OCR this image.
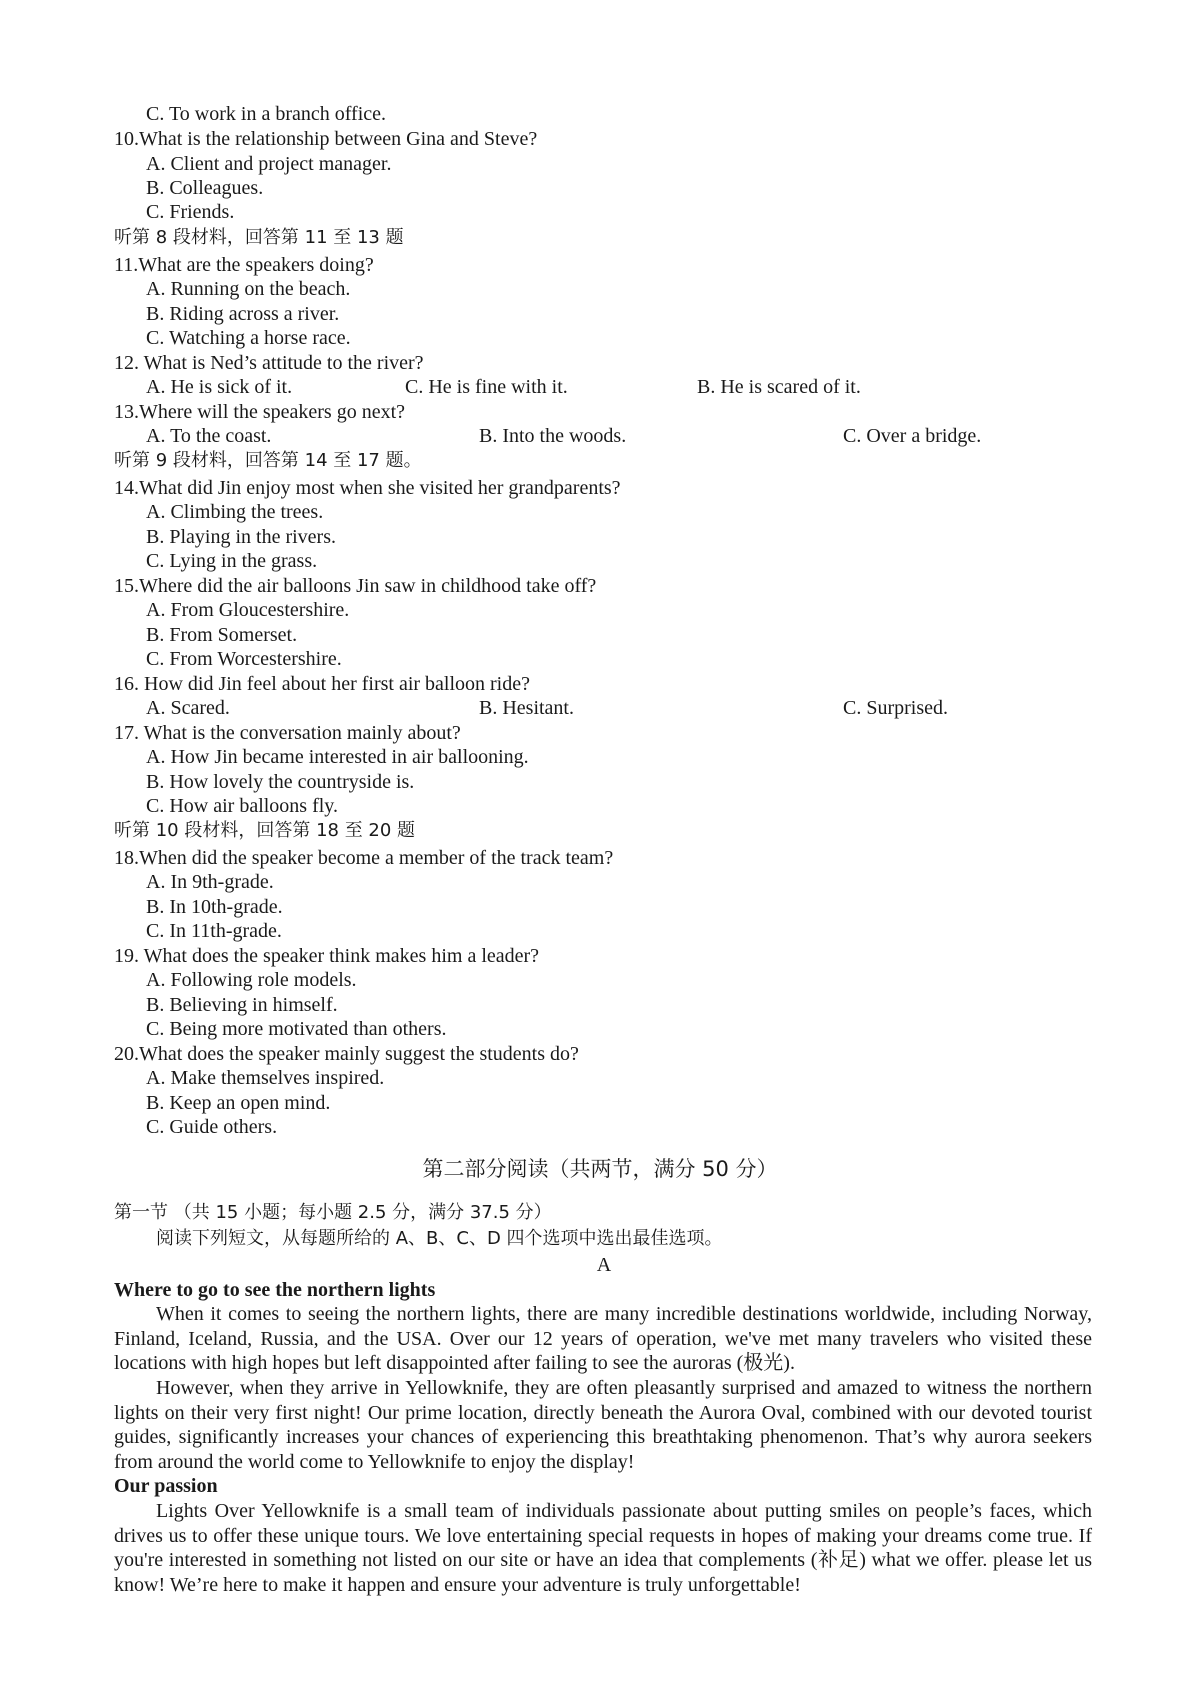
C. To work in a branch office.
10.What is the relationship between Gina and Steve?
A. Client and project manager.
B. Colleagues.
C. Friends.
听第 8 段材料，回答第 11 至 13 题
11.What are the speakers doing?
A. Running on the beach.
B. Riding across a river.
C. Watching a horse race.
12. What is Ned’s attitude to the river?
A. He is sick of it.	C. He is fine with it.	B. He is scared of it.
13.Where will the speakers go next?
A. To the coast.	B. Into the woods.	C. Over a bridge.
听第 9 段材料，回答第 14 至 17 题。
14.What did Jin enjoy most when she visited her grandparents?
A. Climbing the trees.
B. Playing in the rivers.
C. Lying in the grass.
15.Where did the air balloons Jin saw in childhood take off?
A. From Gloucestershire.
B. From Somerset.
C. From Worcestershire.
16. How did Jin feel about her first air balloon ride?
A. Scared.	B. Hesitant.	C. Surprised.
17. What is the conversation mainly about?
A. How Jin became interested in air ballooning.
B. How lovely the countryside is.
C. How air balloons fly.
听第 10 段材料，回答第 18 至 20 题
18.When did the speaker become a member of the track team?
A. In 9th-grade.
B. In 10th-grade.
C. In 11th-grade.
19. What does the speaker think makes him a leader?
A. Following role models.
B. Believing in himself.
C. Being more motivated than others.
20.What does the speaker mainly suggest the students do?
A. Make themselves inspired.
B. Keep an open mind.
C. Guide others.
第二部分阅读（共两节，满分 50 分）
第一节 （共 15 小题；每小题 2.5 分，满分 37.5 分）
阅读下列短文，从每题所给的 A、B、C、D 四个选项中选出最佳选项。
A
Where to go to see the northern lights
When it comes to seeing the northern lights, there are many incredible destinations worldwide, including Norway, Finland, Iceland, Russia, and the USA. Over our 12 years of operation, we've met many travelers who visited these locations with high hopes but left disappointed after failing to see the auroras (极光).
However, when they arrive in Yellowknife, they are often pleasantly surprised and amazed to witness the northern lights on their very first night! Our prime location, directly beneath the Aurora Oval, combined with our devoted tourist guides, significantly increases your chances of experiencing this breathtaking phenomenon. That’s why aurora seekers from around the world come to Yellowknife to enjoy the display!
Our passion
Lights Over Yellowknife is a small team of individuals passionate about putting smiles on people’s faces, which drives us to offer these unique tours. We love entertaining special requests in hopes of making your dreams come true. If you're interested in something not listed on our site or have an idea that complements (补足) what we offer. please let us know! We’re here to make it happen and ensure your adventure is truly unforgettable!
